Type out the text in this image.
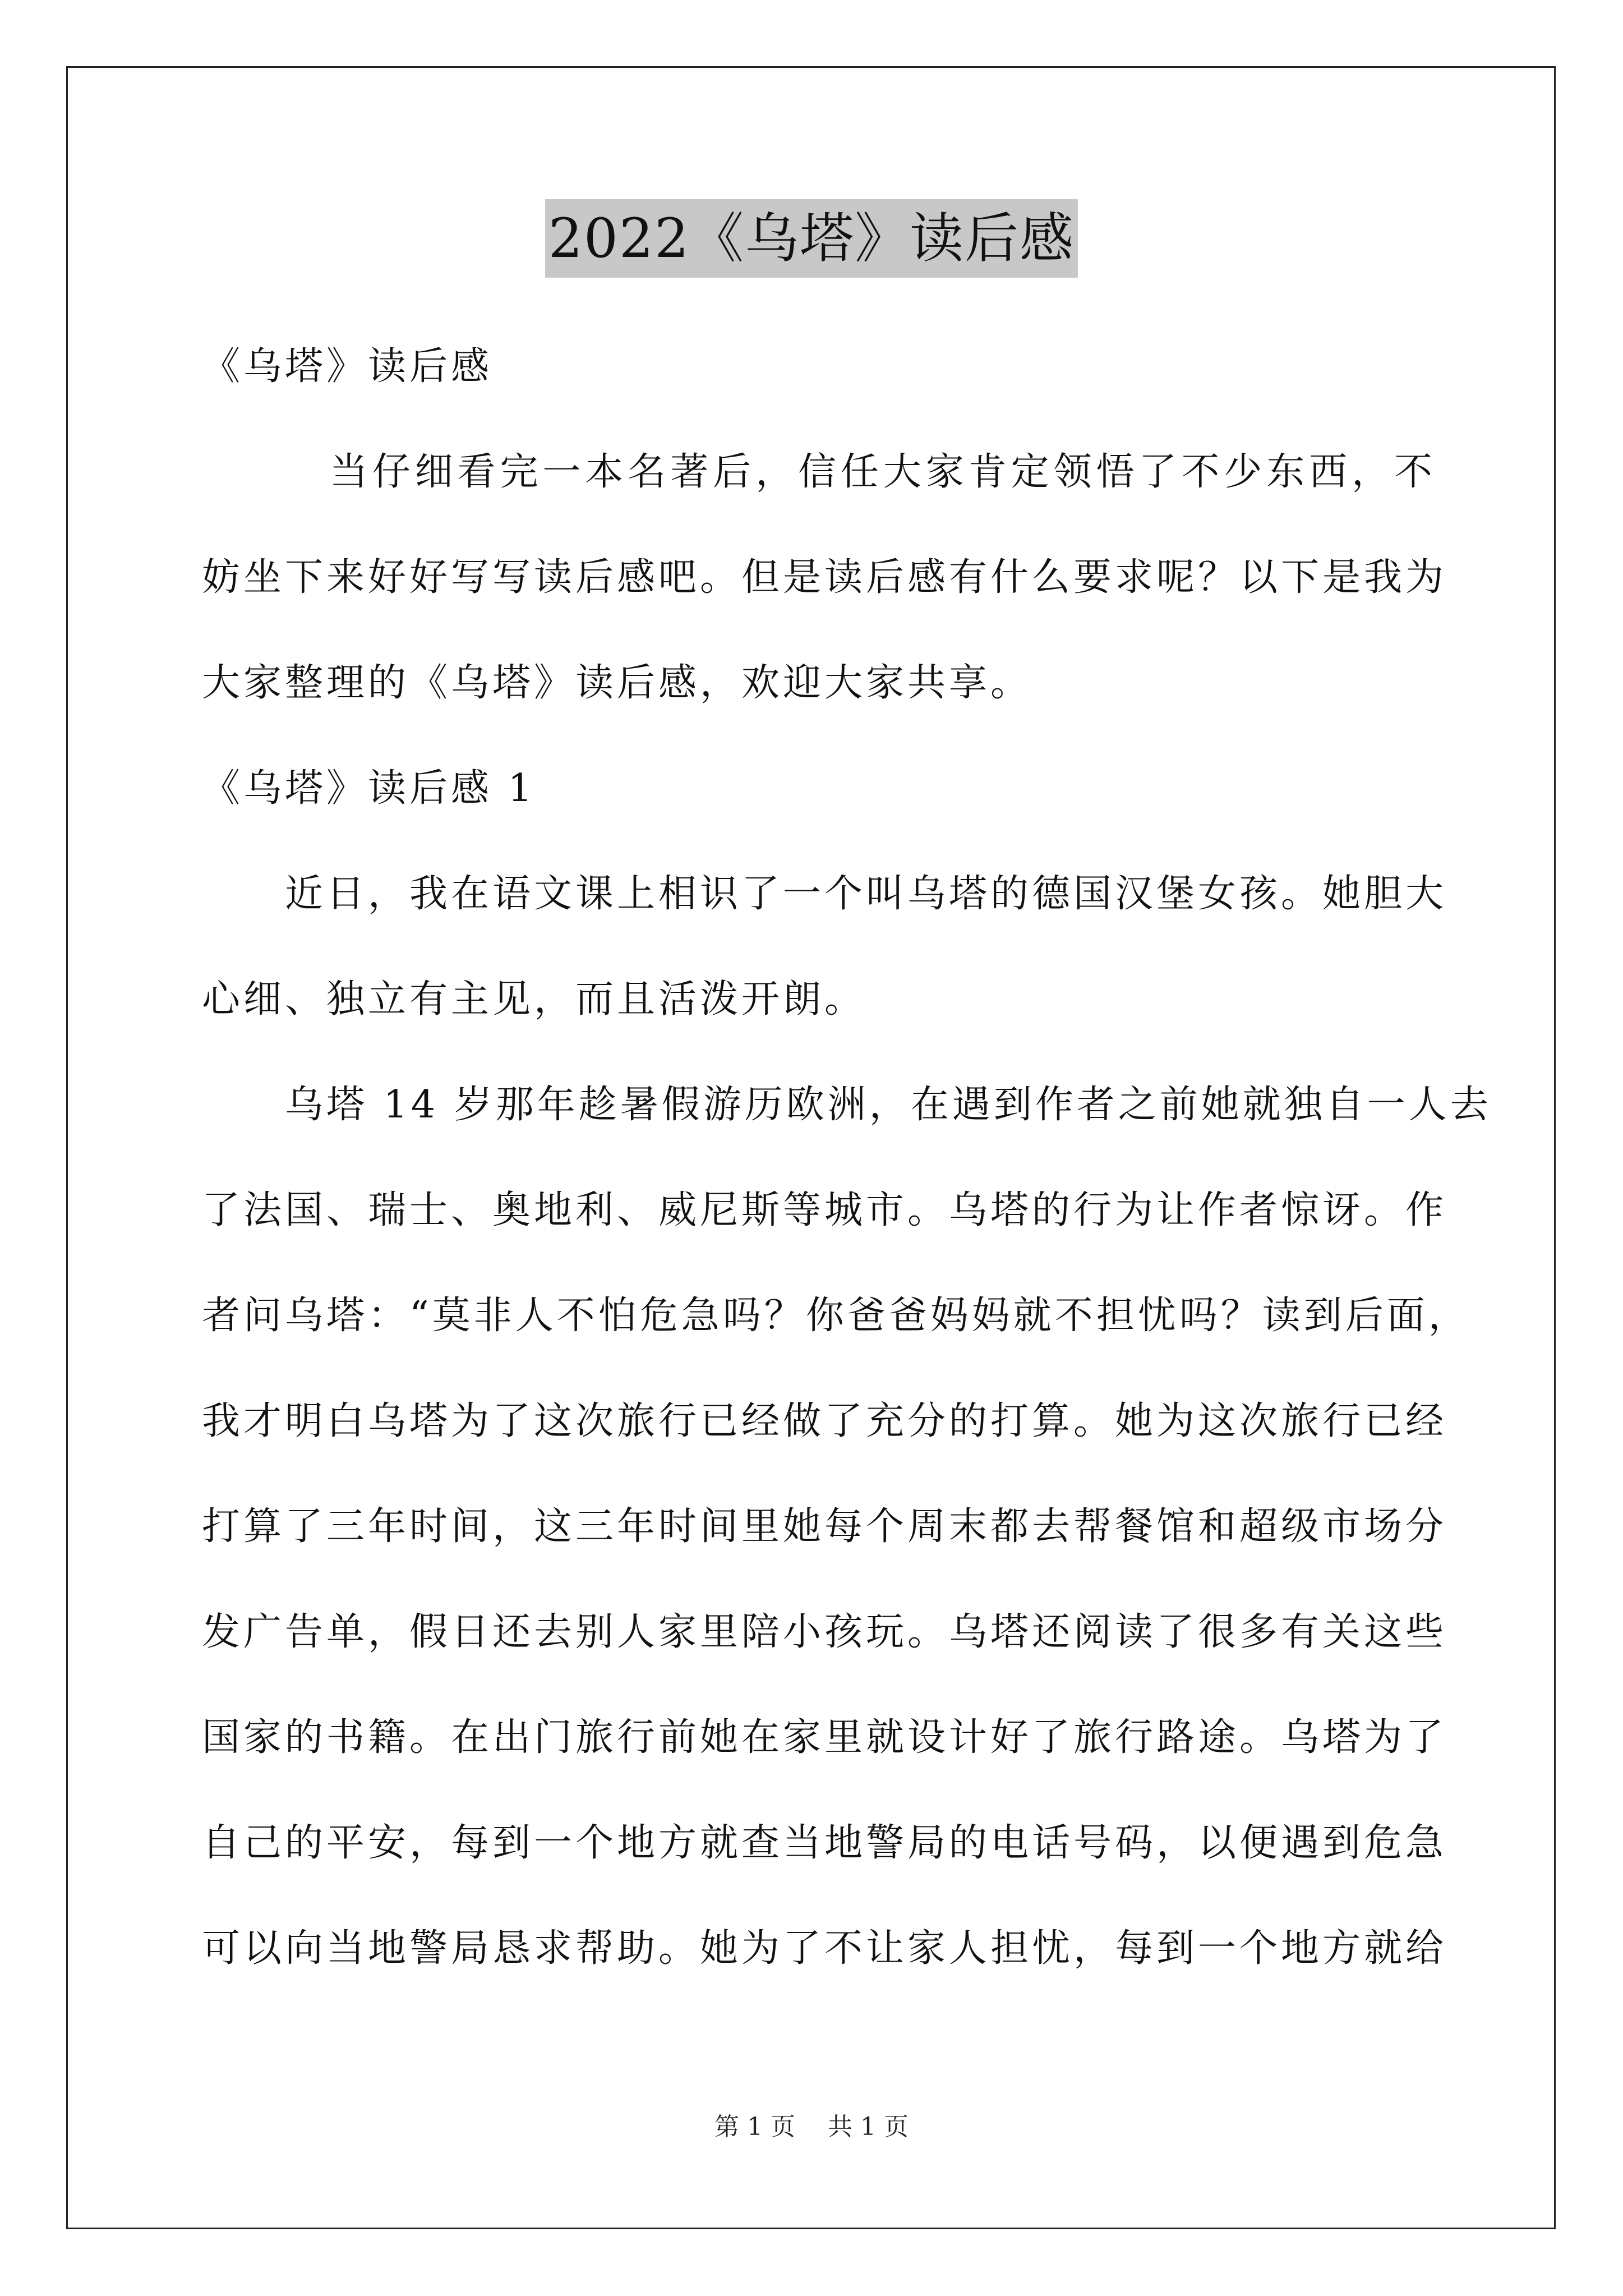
2022《乌塔》读后感
《乌塔》读后感
　　　当仔细看完一本名著后，信任大家肯定领悟了不少东西，不
妨坐下来好好写写读后感吧。但是读后感有什么要求呢？以下是我为
大家整理的《乌塔》读后感，欢迎大家共享。
《乌塔》读后感 1
　　近日，我在语文课上相识了一个叫乌塔的德国汉堡女孩。她胆大
心细、独立有主见，而且活泼开朗。
　　乌塔 14 岁那年趁暑假游历欧洲，在遇到作者之前她就独自一人去
了法国、瑞士、奥地利、威尼斯等城市。乌塔的行为让作者惊讶。作
者问乌塔：“莫非人不怕危急吗？你爸爸妈妈就不担忧吗？读到后面，
我才明白乌塔为了这次旅行已经做了充分的打算。她为这次旅行已经
打算了三年时间，这三年时间里她每个周末都去帮餐馆和超级市场分
发广告单，假日还去别人家里陪小孩玩。乌塔还阅读了很多有关这些
国家的书籍。在出门旅行前她在家里就设计好了旅行路途。乌塔为了
自己的平安，每到一个地方就查当地警局的电话号码，以便遇到危急
可以向当地警局恳求帮助。她为了不让家人担忧，每到一个地方就给
第 1 页 共 1 页
